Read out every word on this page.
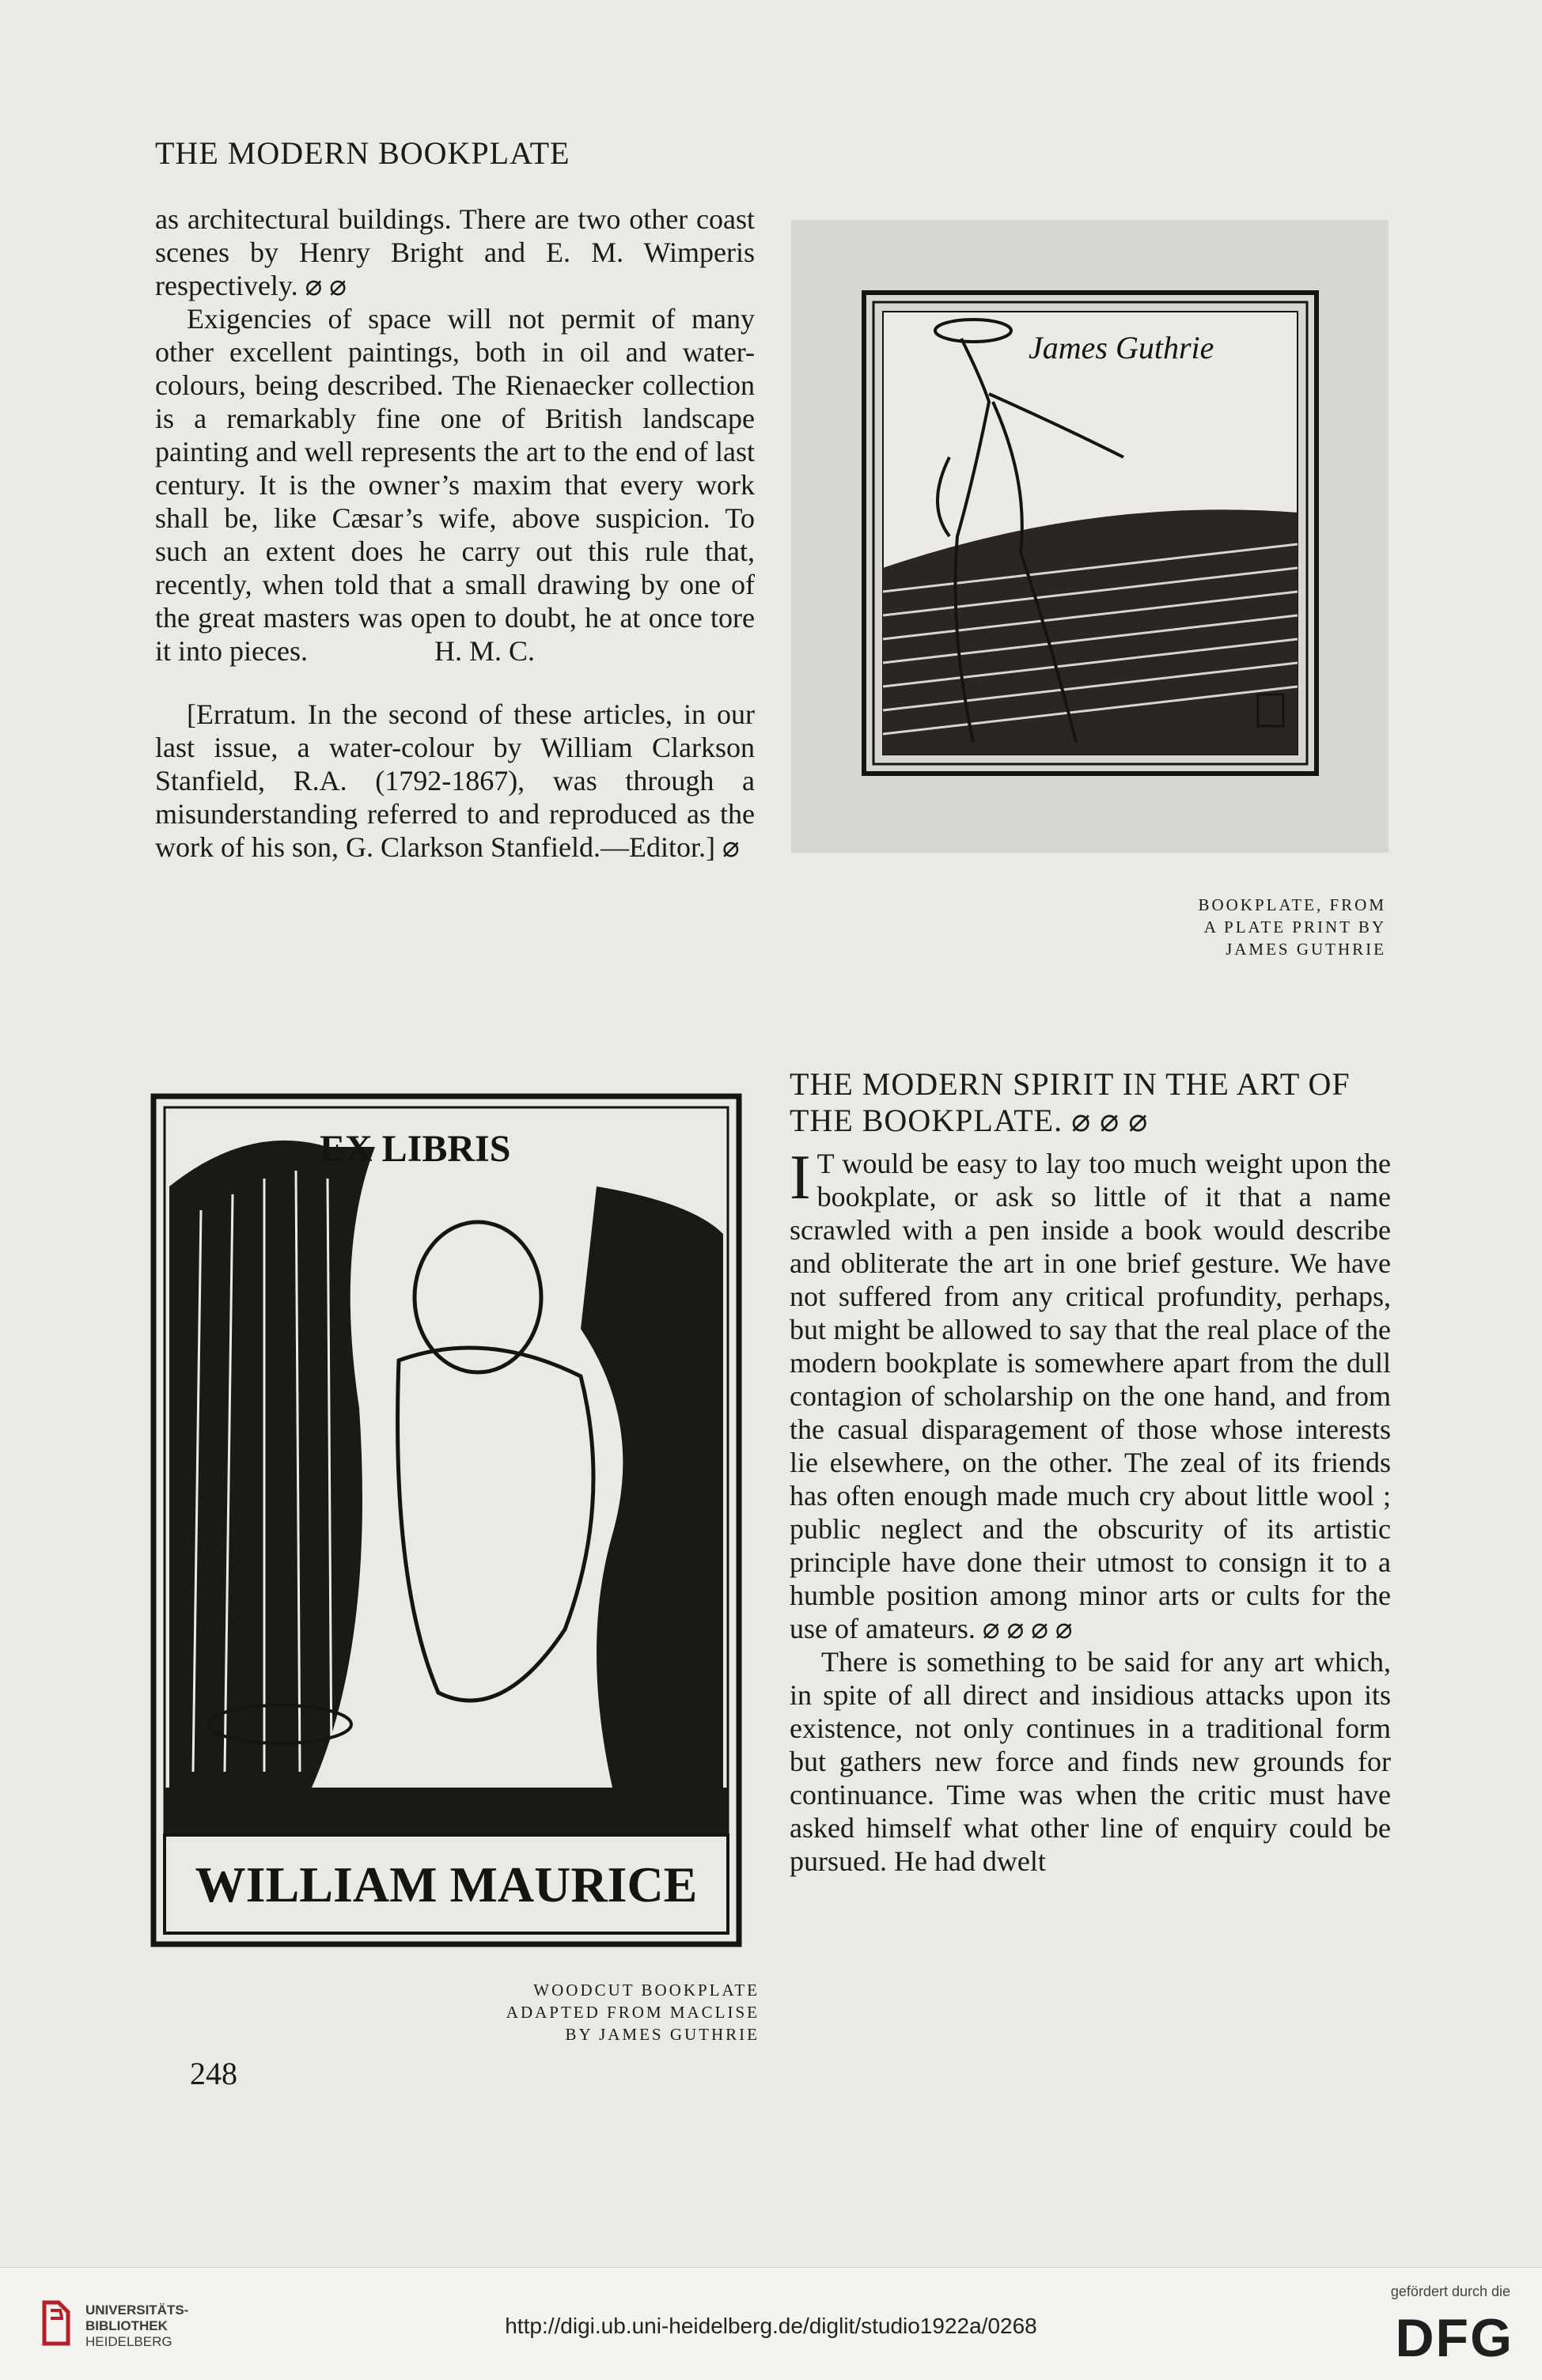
THE MODERN BOOKPLATE

as architectural buildings. There are two other coast scenes by Henry Bright and E. M. Wimperis respectively. ⌀ ⌀

Exigencies of space will not permit of many other excellent paintings, both in oil and water-colours, being described. The Rienaecker collection is a remarkably fine one of British landscape painting and well represents the art to the end of last century. It is the owner’s maxim that every work shall be, like Cæsar’s wife, above suspicion. To such an extent does he carry out this rule that, recently, when told that a small drawing by one of the great masters was open to doubt, he at once tore it into pieces.	H. M. C.

[Erratum. In the second of these articles, in our last issue, a water-colour by William Clarkson Stanfield, R.A. (1792-1867), was through a misunderstanding referred to and reproduced as the work of his son, G. Clarkson Stanfield.—Editor.] ⌀

James Guthrie
BOOKPLATE, FROM
A PLATE PRINT BY
JAMES GUTHRIE
EX LIBRIS
WILLIAM MAURICE
WOODCUT BOOKPLATE
ADAPTED FROM MACLISE
BY JAMES GUTHRIE
THE MODERN SPIRIT IN THE ART OF THE BOOKPLATE. ⌀ ⌀ ⌀

I T would be easy to lay too much weight upon the bookplate, or ask so little of it that a name scrawled with a pen inside a book would describe and obliterate the art in one brief gesture. We have not suffered from any critical profundity, perhaps, but might be allowed to say that the real place of the modern bookplate is somewhere apart from the dull contagion of scholarship on the one hand, and from the casual disparagement of those whose interests lie elsewhere, on the other. The zeal of its friends has often enough made much cry about little wool ; public neglect and the obscurity of its artistic principle have done their utmost to consign it to a humble position among minor arts or cults for the use of amateurs. ⌀ ⌀ ⌀ ⌀

There is something to be said for any art which, in spite of all direct and insidious attacks upon its existence, not only continues in a traditional form but gathers new force and finds new grounds for continuance. Time was when the critic must have asked himself what other line of enquiry could be pursued. He had dwelt

248
UNIVERSITÄTS-
BIBLIOTHEK
HEIDELBERG
http://digi.ub.uni-heidelberg.de/diglit/studio1922a/0268
gefördert durch die
DFG
